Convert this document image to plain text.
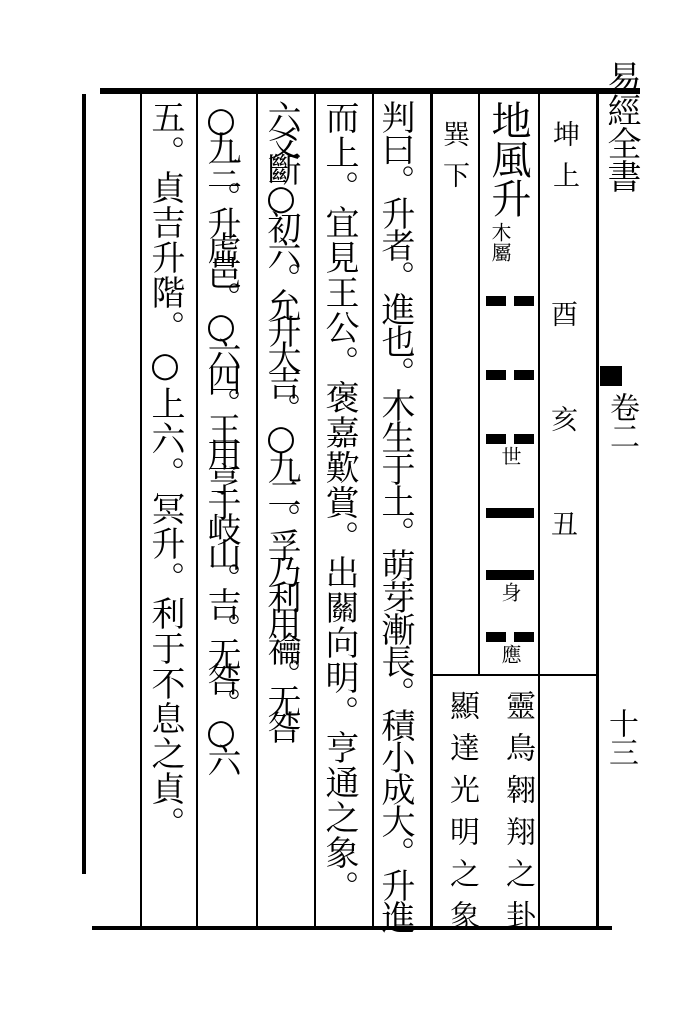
易經全書
卷二
十三
坤上
巽下
酉亥丑
地風升
木屬
世
身
應
靈鳥翱翔之卦
顯達光明之象
判曰。升者。進也。木生于土。萌芽漸長。積小成大。升進
而上。宜見王公。褒嘉歎賞。出關向明。亨通之象。
六爻斷○初六。允升大吉。○九二。孚乃利用禴。无咎
○九三。升虛邑。○六四。王用亨于岐山。吉。无咎。○六
五。貞吉升階。○上六。冥升。利于不息之貞。
